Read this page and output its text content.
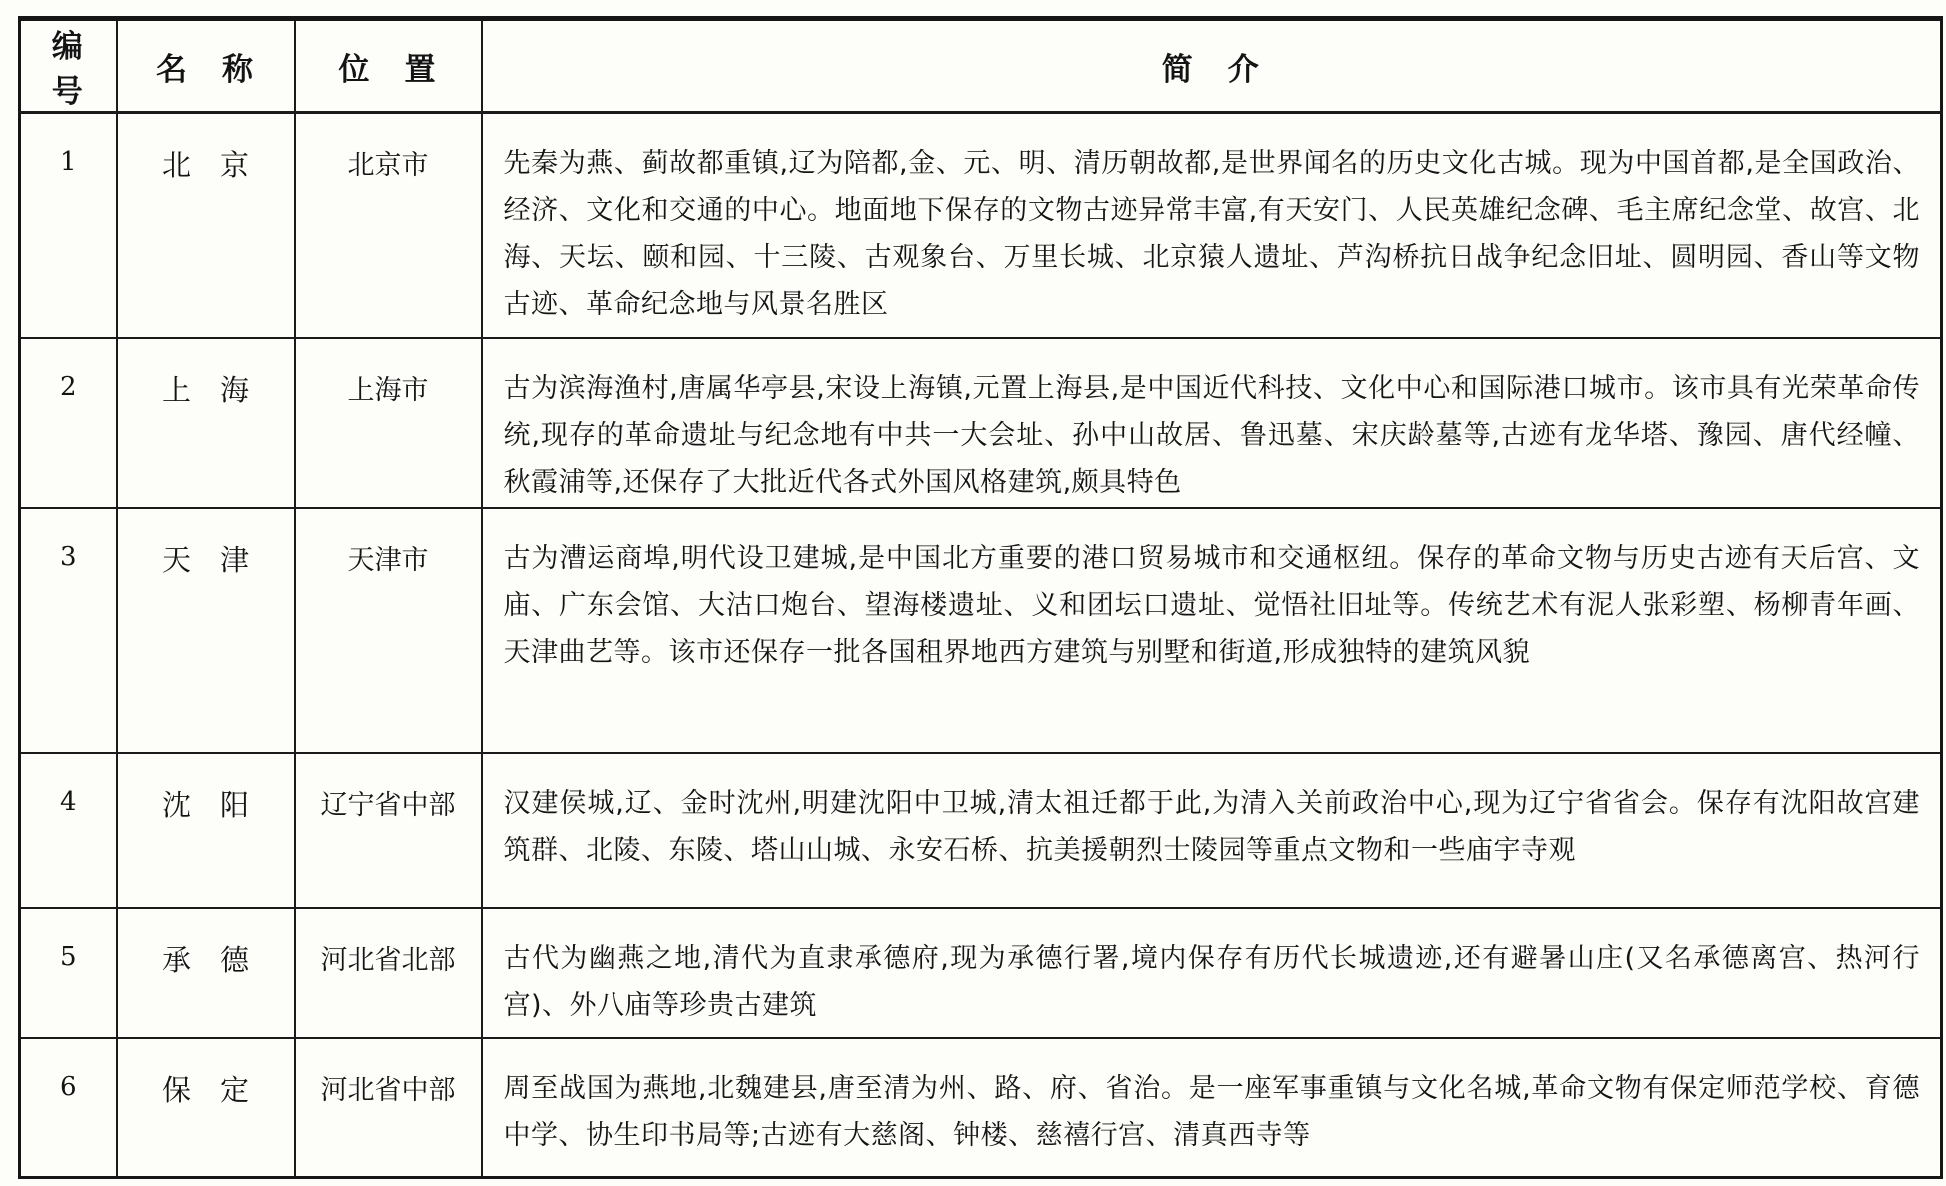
编　号	名　称	位　置	简　介
1	北　京	北京市	先秦为燕、蓟故都重镇,辽为陪都,金、元、明、清历朝故都,是世界闻名的历史文化古城。现为中国首都,是全国政治、经济、文化和交通的中心。地面地下保存的文物古迹异常丰富,有天安门、人民英雄纪念碑、毛主席纪念堂、故宫、北海、天坛、颐和园、十三陵、古观象台、万里长城、北京猿人遗址、芦沟桥抗日战争纪念旧址、圆明园、香山等文物古迹、革命纪念地与风景名胜区
2	上　海	上海市	古为滨海渔村,唐属华亭县,宋设上海镇,元置上海县,是中国近代科技、文化中心和国际港口城市。该市具有光荣革命传统,现存的革命遗址与纪念地有中共一大会址、孙中山故居、鲁迅墓、宋庆龄墓等,古迹有龙华塔、豫园、唐代经幢、秋霞浦等,还保存了大批近代各式外国风格建筑,颇具特色
3	天　津	天津市	古为漕运商埠,明代设卫建城,是中国北方重要的港口贸易城市和交通枢纽。保存的革命文物与历史古迹有天后宫、文庙、广东会馆、大沽口炮台、望海楼遗址、义和团坛口遗址、觉悟社旧址等。传统艺术有泥人张彩塑、杨柳青年画、天津曲艺等。该市还保存一批各国租界地西方建筑与别墅和街道,形成独特的建筑风貌
4	沈　阳	辽宁省中部	汉建侯城,辽、金时沈州,明建沈阳中卫城,清太祖迁都于此,为清入关前政治中心,现为辽宁省省会。保存有沈阳故宫建筑群、北陵、东陵、塔山山城、永安石桥、抗美援朝烈士陵园等重点文物和一些庙宇寺观
5	承　德	河北省北部	古代为幽燕之地,清代为直隶承德府,现为承德行署,境内保存有历代长城遗迹,还有避暑山庄(又名承德离宫、热河行宫)、外八庙等珍贵古建筑
6	保　定	河北省中部	周至战国为燕地,北魏建县,唐至清为州、路、府、省治。是一座军事重镇与文化名城,革命文物有保定师范学校、育德中学、协生印书局等;古迹有大慈阁、钟楼、慈禧行宫、清真西寺等
